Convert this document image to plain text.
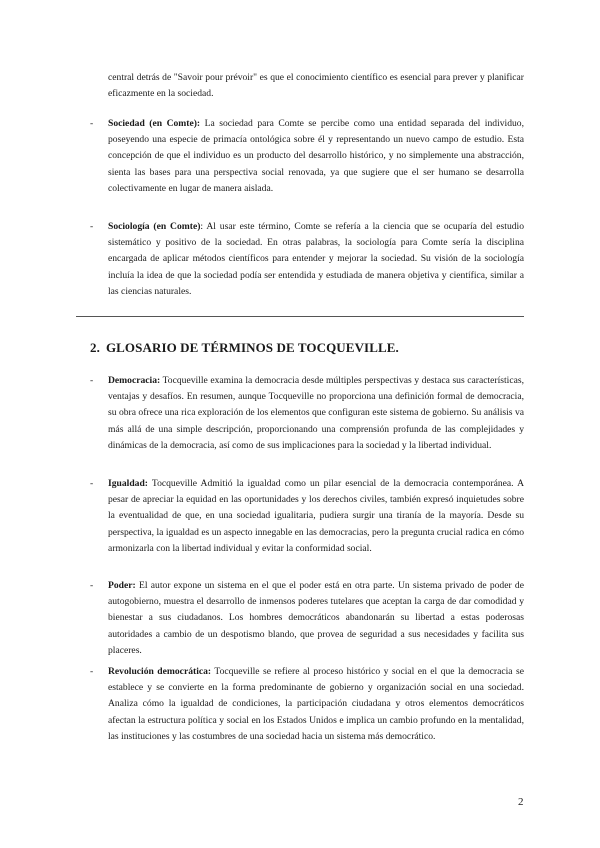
central detrás de "Savoir pour prévoir" es que el conocimiento científico es esencial para prever y planificar eficazmente en la sociedad.
-	Sociedad (en Comte): La sociedad para Comte se percibe como una entidad separada del individuo, poseyendo una especie de primacía ontológica sobre él y representando un nuevo campo de estudio. Esta concepción de que el individuo es un producto del desarrollo histórico, y no simplemente una abstracción, sienta las bases para una perspectiva social renovada, ya que sugiere que el ser humano se desarrolla colectivamente en lugar de manera aislada.
-	Sociología (en Comte): Al usar este término, Comte se refería a la ciencia que se ocuparía del estudio sistemático y positivo de la sociedad. En otras palabras, la sociología para Comte sería la disciplina encargada de aplicar métodos científicos para entender y mejorar la sociedad. Su visión de la sociología incluía la idea de que la sociedad podía ser entendida y estudiada de manera objetiva y científica, similar a las ciencias naturales.
2. GLOSARIO DE TÉRMINOS DE TOCQUEVILLE.
-	Democracia: Tocqueville examina la democracia desde múltiples perspectivas y destaca sus características, ventajas y desafíos. En resumen, aunque Tocqueville no proporciona una definición formal de democracia, su obra ofrece una rica exploración de los elementos que configuran este sistema de gobierno. Su análisis va más allá de una simple descripción, proporcionando una comprensión profunda de las complejidades y dinámicas de la democracia, así como de sus implicaciones para la sociedad y la libertad individual.
-	Igualdad: Tocqueville Admitió la igualdad como un pilar esencial de la democracia contemporánea. A pesar de apreciar la equidad en las oportunidades y los derechos civiles, también expresó inquietudes sobre la eventualidad de que, en una sociedad igualitaria, pudiera surgir una tiranía de la mayoría. Desde su perspectiva, la igualdad es un aspecto innegable en las democracias, pero la pregunta crucial radica en cómo armonizarla con la libertad individual y evitar la conformidad social.
-	Poder: El autor expone un sistema en el que el poder está en otra parte. Un sistema privado de poder de autogobierno, muestra el desarrollo de inmensos poderes tutelares que aceptan la carga de dar comodidad y bienestar a sus ciudadanos. Los hombres democráticos abandonarán su libertad a estas poderosas autoridades a cambio de un despotismo blando, que provea de seguridad a sus necesidades y facilita sus placeres.
-	Revolución democrática: Tocqueville se refiere al proceso histórico y social en el que la democracia se establece y se convierte en la forma predominante de gobierno y organización social en una sociedad. Analiza cómo la igualdad de condiciones, la participación ciudadana y otros elementos democráticos afectan la estructura política y social en los Estados Unidos e implica un cambio profundo en la mentalidad, las instituciones y las costumbres de una sociedad hacia un sistema más democrático.
2
